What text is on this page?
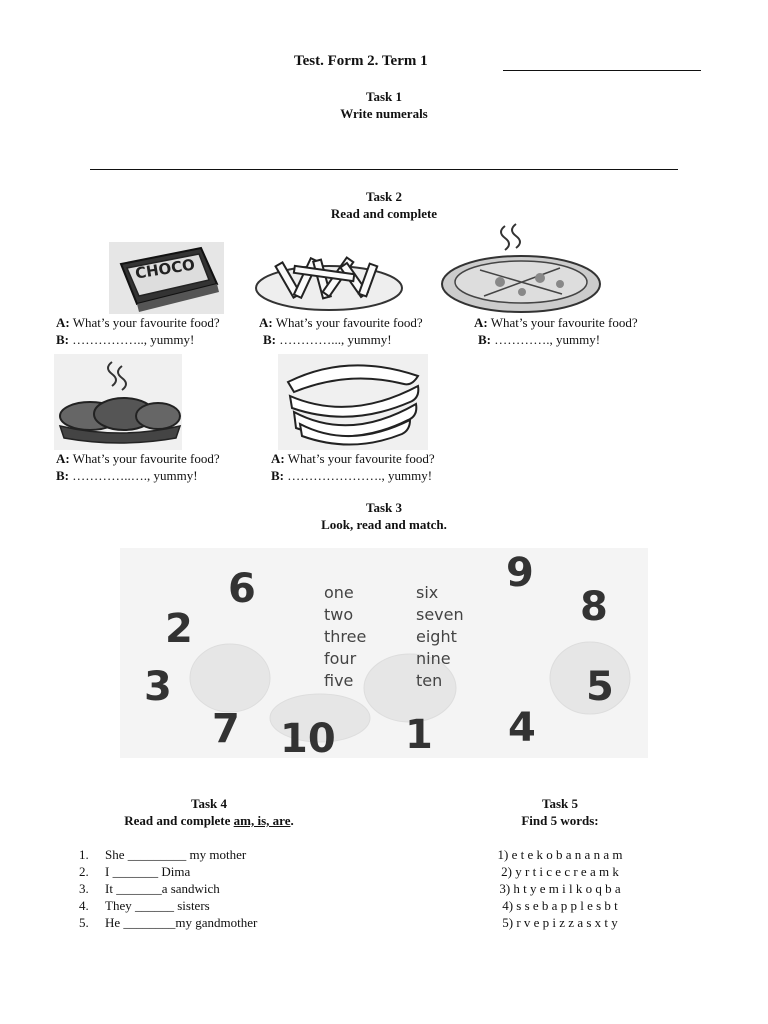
Test. Form 2. Term 1
Task 1
Write numerals
Task 2
Read and complete
CHOCO
A: What’s your favourite food?
B: …………….., yummy!
A: What’s your favourite food?
B: …………..., yummy!
A: What’s your favourite food?
B: …………., yummy!
A: What’s your favourite food?
B: …………..…., yummy!
A: What’s your favourite food?
B: …………………., yummy!
Task 3
Look, read and match.
6
2
3
7 10 1 4
5
8
9
one
two
three
four
five
six
seven
eight
nine
ten
Task 4
Read and complete am, is, are.
1. She _________ my mother
2. I _______ Dima
3. It _______a sandwich
4. They ______ sisters
5. He ________my gandmother
Task 5
Find 5 words:
1) e t e k o b a n a n a m
2) y r t i c e c r e a m k
3) h t y e m i l k o q b a
4) s s e b a p p l e s b t
5) r v e p i z z a s x t y
